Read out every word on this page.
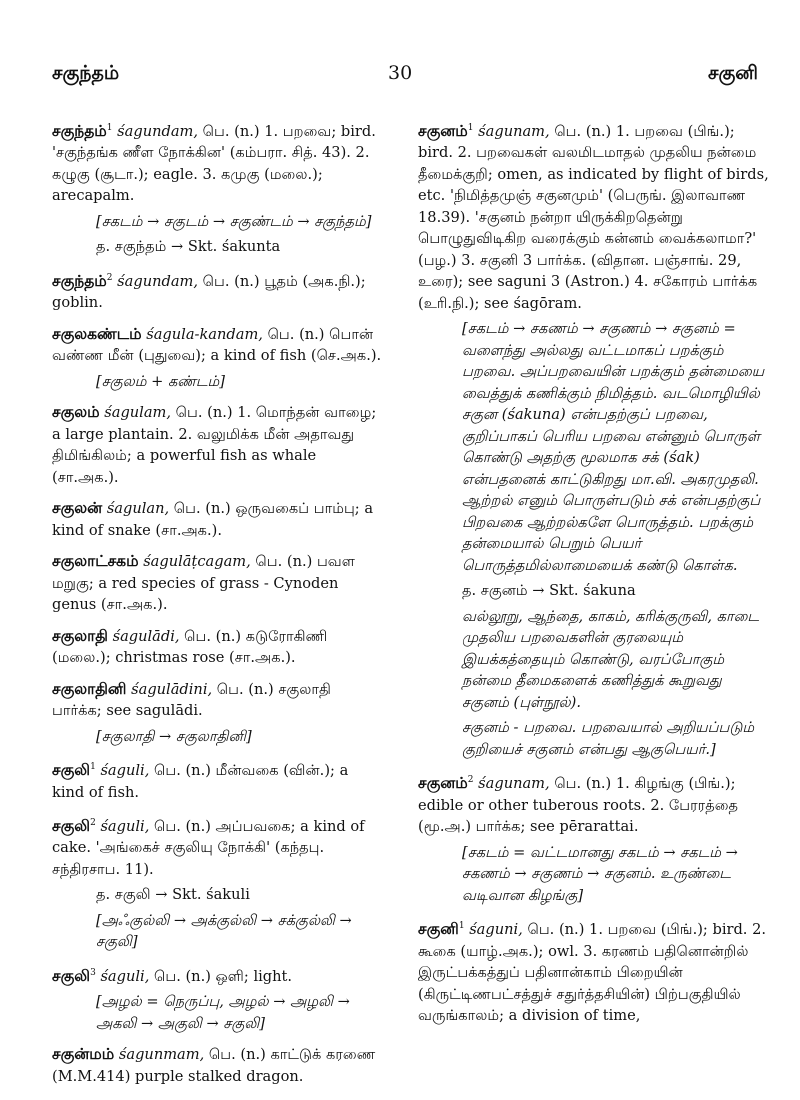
சகுந்தம்	30	சகுனி
சகுந்தம்$^1$ śagundam, பெ. (n.) 1. பறவை; bird. 'சகுந்தங்க ணீள நோக்கின' (கம்பரா. சித். 43). 2. கழுகு (சூடா.); eagle. 3. கமுகு (மலை.); arecapalm.
[சகடம் → சகுடம் → சகுண்டம் → சகுந்தம்]
த. சகுந்தம் → Skt. śakunta
சகுந்தம்$^2$ śagundam, பெ. (n.) பூதம் (அக.நி.); goblin.
சகுலகண்டம் śagula-kandam, பெ. (n.) பொன் வண்ண மீன் (புதுவை); a kind of fish (செ.அக.).
[சகுலம் + கண்டம்]
சகுலம் śagulam, பெ. (n.) 1. மொந்தன் வாழை; a large plantain. 2. வலுமிக்க மீன் அதாவது திமிங்கிலம்; a powerful fish as whale (சா.அக.).
சகுலன் śagulan, பெ. (n.) ஒருவகைப் பாம்பு; a kind of snake (சா.அக.).
சகுலாட்சகம் śagulāṭcagam, பெ. (n.) பவள மறுகு; a red species of grass - Cynoden genus (சா.அக.).
சகுலாதி śagulādi, பெ. (n.) கடுரோகிணி (மலை.); christmas rose (சா.அக.).
சகுலாதினி śagulādini, பெ. (n.) சகுலாதி பார்க்க; see sagulādi.
[சகுலாதி → சகுலாதினி]
சகுலி$^1$ śaguli, பெ. (n.) மீன்வகை (வின்.); a kind of fish.
சகுலி$^2$ śaguli, பெ. (n.) அப்பவகை; a kind of cake. 'அங்கைச் சகுலியு நோக்கி' (கந்தபு. சந்திரசாப. 11).
த. சகுலி → Skt. śakuli
[அஃகுல்லி → அக்குல்லி → சக்குல்லி → சகுலி]
சகுலி$^3$ śaguli, பெ. (n.) ஒளி; light.
[அழல் = நெருப்பு, அழல் → அழலி → அகலி → அகுலி → சகுலி]
சகுன்மம் śagunmam, பெ. (n.) காட்டுக் கரணை (M.M.414) purple stalked dragon.
சகுனம்$^1$ śagunam, பெ. (n.) 1. பறவை (பிங்.); bird. 2. பறவைகள் வலமிடமாதல் முதலிய நன்மை தீமைக்குறி; omen, as indicated by flight of birds, etc. 'நிமித்தமுஞ் சகுனமும்' (பெருங். இலாவாண 18.39). 'சகுனம் நன்றா யிருக்கிறதென்று பொழுதுவிடிகிற வரைக்கும் கன்னம் வைக்கலாமா?' (பழ.) 3. சகுனி 3 பார்க்க. (விதான. பஞ்சாங். 29, உரை); see saguni 3 (Astron.) 4. சகோரம் பார்க்க (உரி.நி.); see śagōram.
[சகடம் → சகணம் → சகுணம் → சகுனம் = வளைந்து அல்லது வட்டமாகப் பறக்கும் பறவை. அப்பறவையின் பறக்கும் தன்மையை வைத்துக் கணிக்கும் நிமித்தம். வடமொழியில் சகுன (śakuna) என்பதற்குப் பறவை, குறிப்பாகப் பெரிய பறவை என்னும் பொருள் கொண்டு அதற்கு மூலமாக சக் (śak) என்பதனைக் காட்டுகிறது மா.வி. அகரமுதலி. ஆற்றல் எனும் பொருள்படும் சக் என்பதற்குப் பிறவகை ஆற்றல்களே பொருத்தம். பறக்கும் தன்மையால் பெறும் பெயர் பொருத்தமில்லாமையைக் கண்டு கொள்க.
த. சகுனம் → Skt. śakuna
வல்லூறு, ஆந்தை, காகம், கரிக்குருவி, காடை முதலிய பறவைகளின் குரலையும் இயக்கத்தையும் கொண்டு, வரப்போகும் நன்மை தீமைகளைக் கணித்துக் கூறுவது சகுனம் (புள்நூல்).
சகுனம் - பறவை. பறவையால் அறியப்படும் குறியைச் சகுனம் என்பது ஆகுபெயர்.]
சகுனம்$^2$ śagunam, பெ. (n.) 1. கிழங்கு (பிங்.); edible or other tuberous roots. 2. பேரரத்தை (மூ.அ.) பார்க்க; see pērarattai.
[சகடம் = வட்டமானது சகடம் → சகடம் → சகணம் → சகுணம் → சகுனம். உருண்டை வடிவான கிழங்கு]
சகுனி$^1$ śaguni, பெ. (n.) 1. பறவை (பிங்.); bird. 2. கூகை (யாழ்.அக.); owl. 3. கரணம் பதினொன்றில் இருட்பக்கத்துப் பதினான்காம் பிறையின் (கிருட்டிணபட்சத்துச் சதுர்த்தசியின்) பிற்பகுதியில் வருங்காலம்; a division of time,
